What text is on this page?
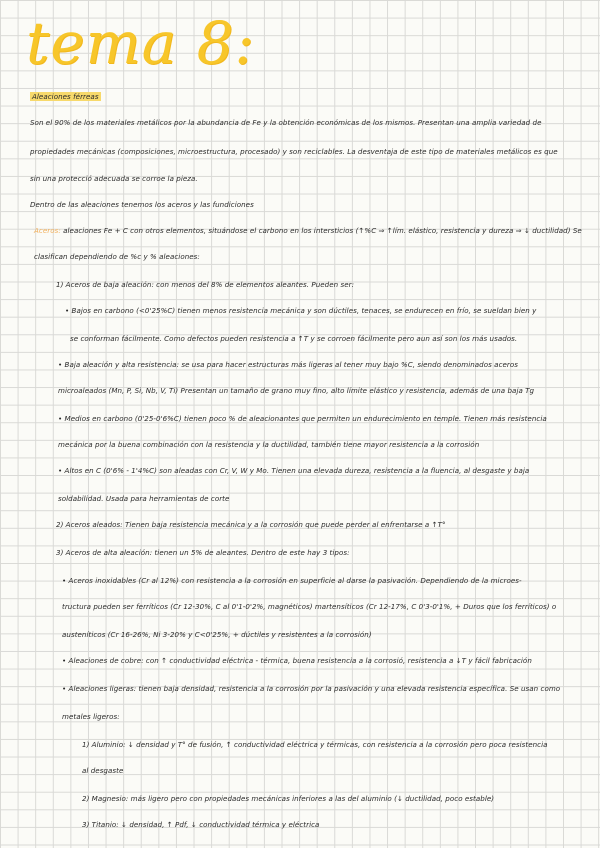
tema 8:
Aleaciones férreas
Son el 90% de los materiales metálicos por la abundancia de Fe y la obtención económicas de los mismos. Presentan una amplia variedad de
propiedades mecánicas (composiciones, microestructura, procesado) y son reciclables. La desventaja de este tipo de materiales metálicos es que
sin una protecció adecuada se corroe la pieza.
Dentro de las aleaciones tenemos los aceros y las fundiciones
Aceros: aleaciones Fe + C con otros elementos, situándose el carbono en los intersticios (↑%C ⇒ ↑lím. elástico, resistencia y dureza ⇒ ↓ ductilidad) Se
clasifican dependiendo de %c y % aleaciones:
1) Aceros de baja aleación: con menos del 8% de elementos aleantes. Pueden ser:
• Bajos en carbono (<0'25%C) tienen menos resistencia mecánica y son dúctiles, tenaces, se endurecen en frío, se sueldan bien y
se conforman fácilmente. Como defectos pueden resistencia a ↑T y se corroen fácilmente pero aun así son los más usados.
• Baja aleación y alta resistencia: se usa para hacer estructuras más ligeras al tener muy bajo %C, siendo denominados aceros
microaleados (Mn, P, Si, Nb, V, Ti) Presentan un tamaño de grano muy fino, alto límite elástico y resistencia, además de una baja Tg
• Medios en carbono (0'25-0'6%C) tienen poco % de aleacionantes que permiten un endurecimiento en temple. Tienen más resistencia
mecánica por la buena combinación con la resistencia y la ductilidad, también tiene mayor resistencia a la corrosión
• Altos en C (0'6% - 1'4%C) son aleadas con Cr, V, W y Mo. Tienen una elevada dureza, resistencia a la fluencia, al desgaste y baja
soldabilidad. Usada para herramientas de corte
2) Aceros aleados: Tienen baja resistencia mecánica y a la corrosión que puede perder al enfrentarse a ↑T°
3) Aceros de alta aleación: tienen un 5% de aleantes. Dentro de este hay 3 tipos:
• Aceros inoxidables (Cr al 12%) con resistencia a la corrosión en superficie al darse la pasivación. Dependiendo de la microes-
tructura pueden ser ferríticos (Cr 12-30%, C al 0'1-0'2%, magnéticos) martensíticos (Cr 12-17%, C 0'3-0'1%, + Duros que los ferríticos) o
austeníticos (Cr 16-26%, Ni 3-20% y C<0'25%, + dúctiles y resistentes a la corrosión)
• Aleaciones de cobre: con ↑ conductividad eléctrica - térmica, buena resistencia a la corrosió, resistencia a ↓T y fácil fabricación
• Aleaciones ligeras: tienen baja densidad, resistencia a la corrosión por la pasivación y una elevada resistencia específica. Se usan como
metales ligeros:
1) Aluminio: ↓ densidad y T° de fusión, ↑ conductividad eléctrica y térmicas, con resistencia a la corrosión pero poca resistencia
al desgaste
2) Magnesio: más ligero pero con propiedades mecánicas inferiores a las del aluminio (↓ ductilidad, poco estable)
3) Titanio: ↓ densidad, ↑ Pdf, ↓ conductividad térmica y eléctrica
